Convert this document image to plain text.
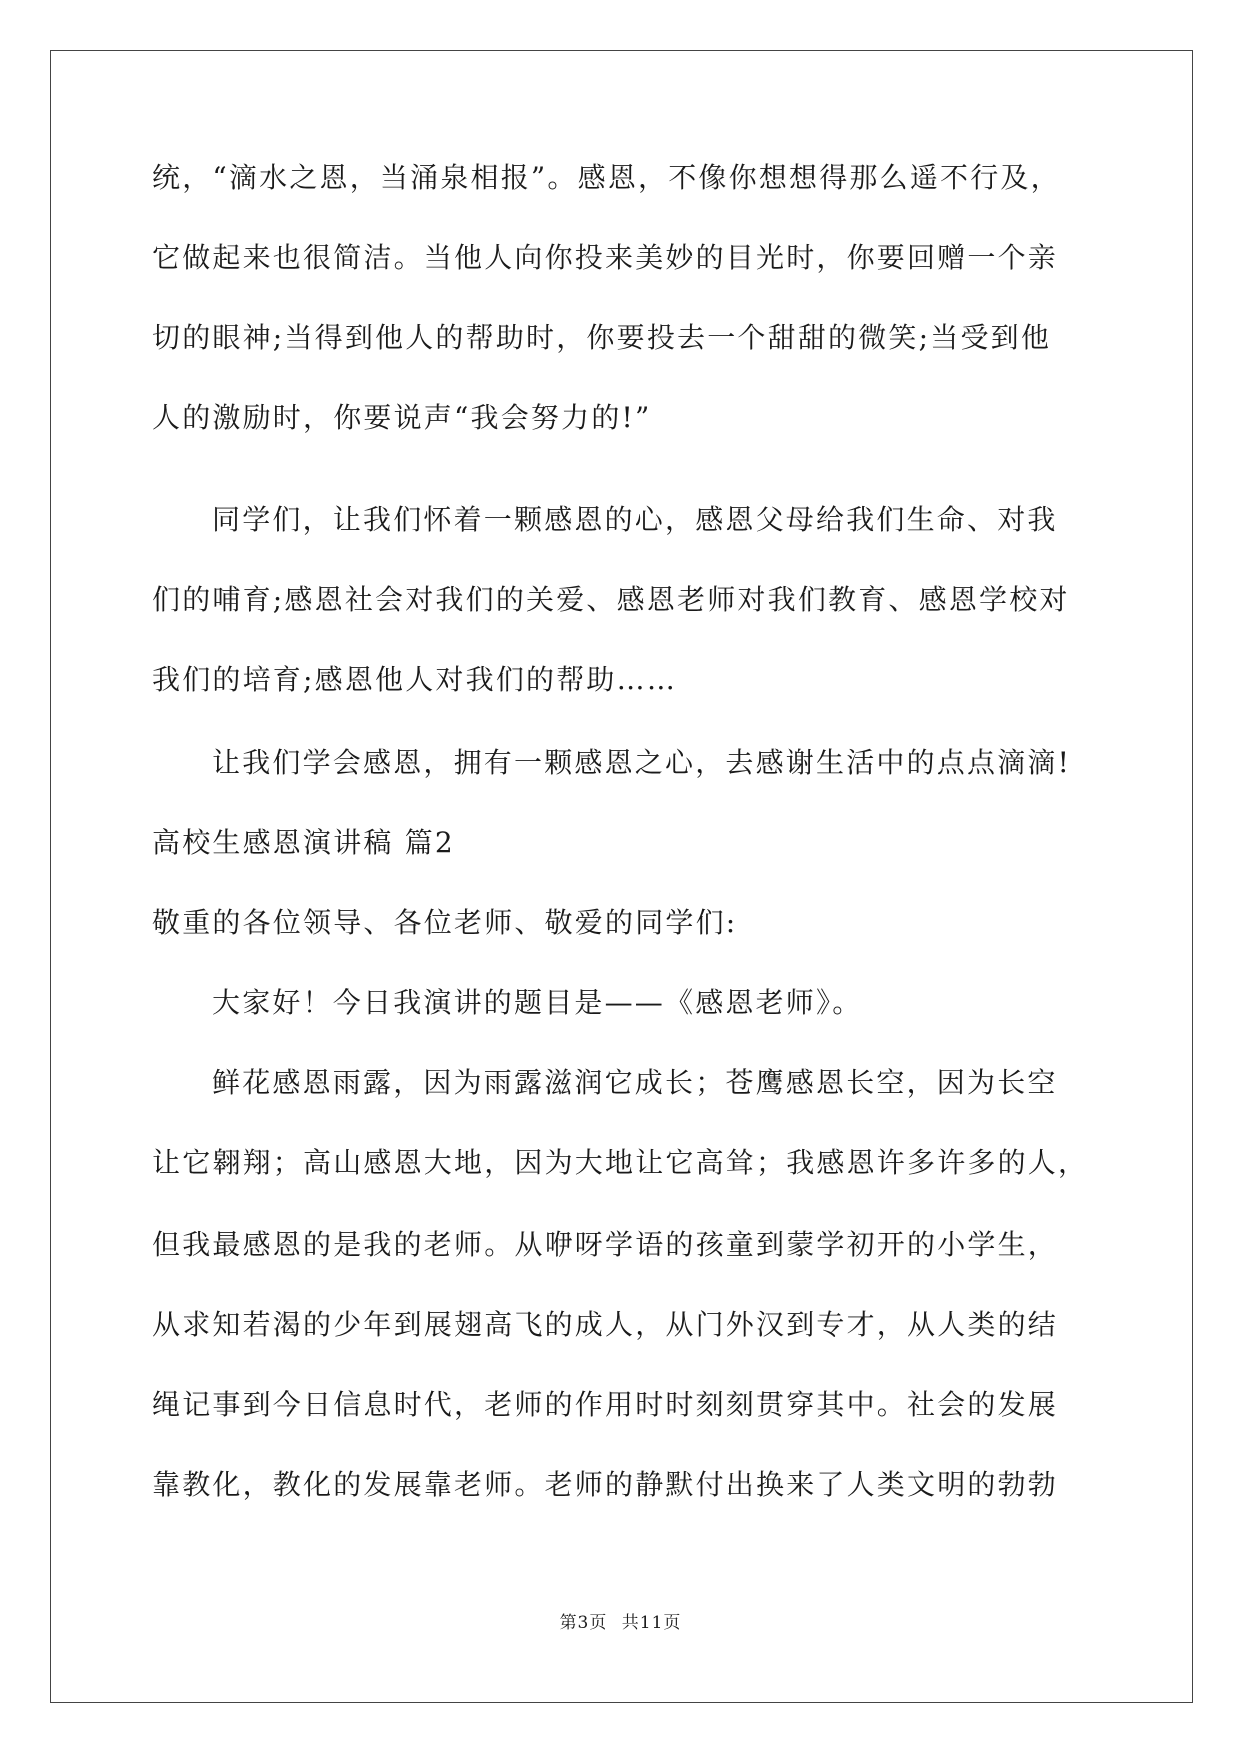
统，“滴水之恩，当涌泉相报”。感恩，不像你想想得那么遥不行及，
它做起来也很简洁。当他人向你投来美妙的目光时，你要回赠一个亲
切的眼神;当得到他人的帮助时，你要投去一个甜甜的微笑;当受到他
人的激励时，你要说声“我会努力的!”
同学们，让我们怀着一颗感恩的心，感恩父母给我们生命、对我
们的哺育;感恩社会对我们的关爱、感恩老师对我们教育、感恩学校对
我们的培育;感恩他人对我们的帮助……
让我们学会感恩，拥有一颗感恩之心，去感谢生活中的点点滴滴!
高校生感恩演讲稿 篇2
敬重的各位领导、各位老师、敬爱的同学们:
大家好！今日我演讲的题目是——《感恩老师》。
鲜花感恩雨露，因为雨露滋润它成长；苍鹰感恩长空，因为长空
让它翱翔；高山感恩大地，因为大地让它高耸；我感恩许多许多的人，
但我最感恩的是我的老师。从咿呀学语的孩童到蒙学初开的小学生，
从求知若渴的少年到展翅高飞的成人，从门外汉到专才，从人类的结
绳记事到今日信息时代，老师的作用时时刻刻贯穿其中。社会的发展
靠教化，教化的发展靠老师。老师的静默付出换来了人类文明的勃勃
第3页 共11页
